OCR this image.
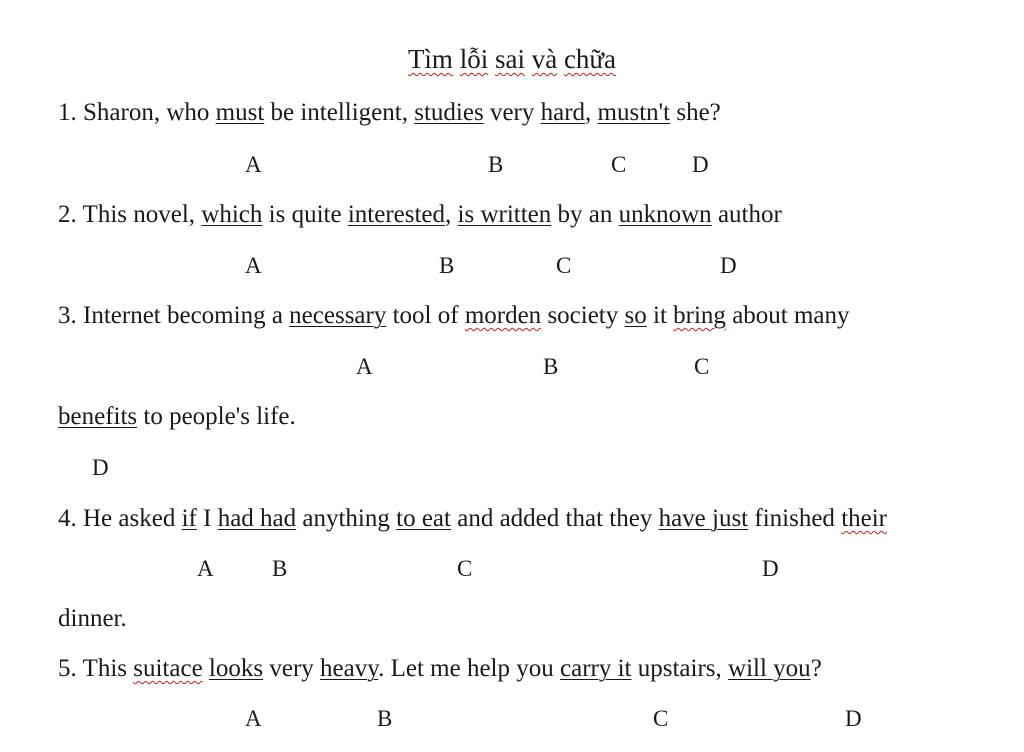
Tìm lỗi sai và chữa
1. Sharon, who must be intelligent, studies very hard, mustn't she?
A	B	C	D
2. This novel, which is quite interested, is written by an unknown author
A	B	C	D
3. Internet becoming a necessary tool of morden society so it bring about many
A	B	C
benefits to people's life.
D
4. He asked if I had had anything to eat and added that they have just finished their
A	B	C	D
dinner.
5. This suitace looks very heavy. Let me help you carry it upstairs, will you?
A	B	C	D
